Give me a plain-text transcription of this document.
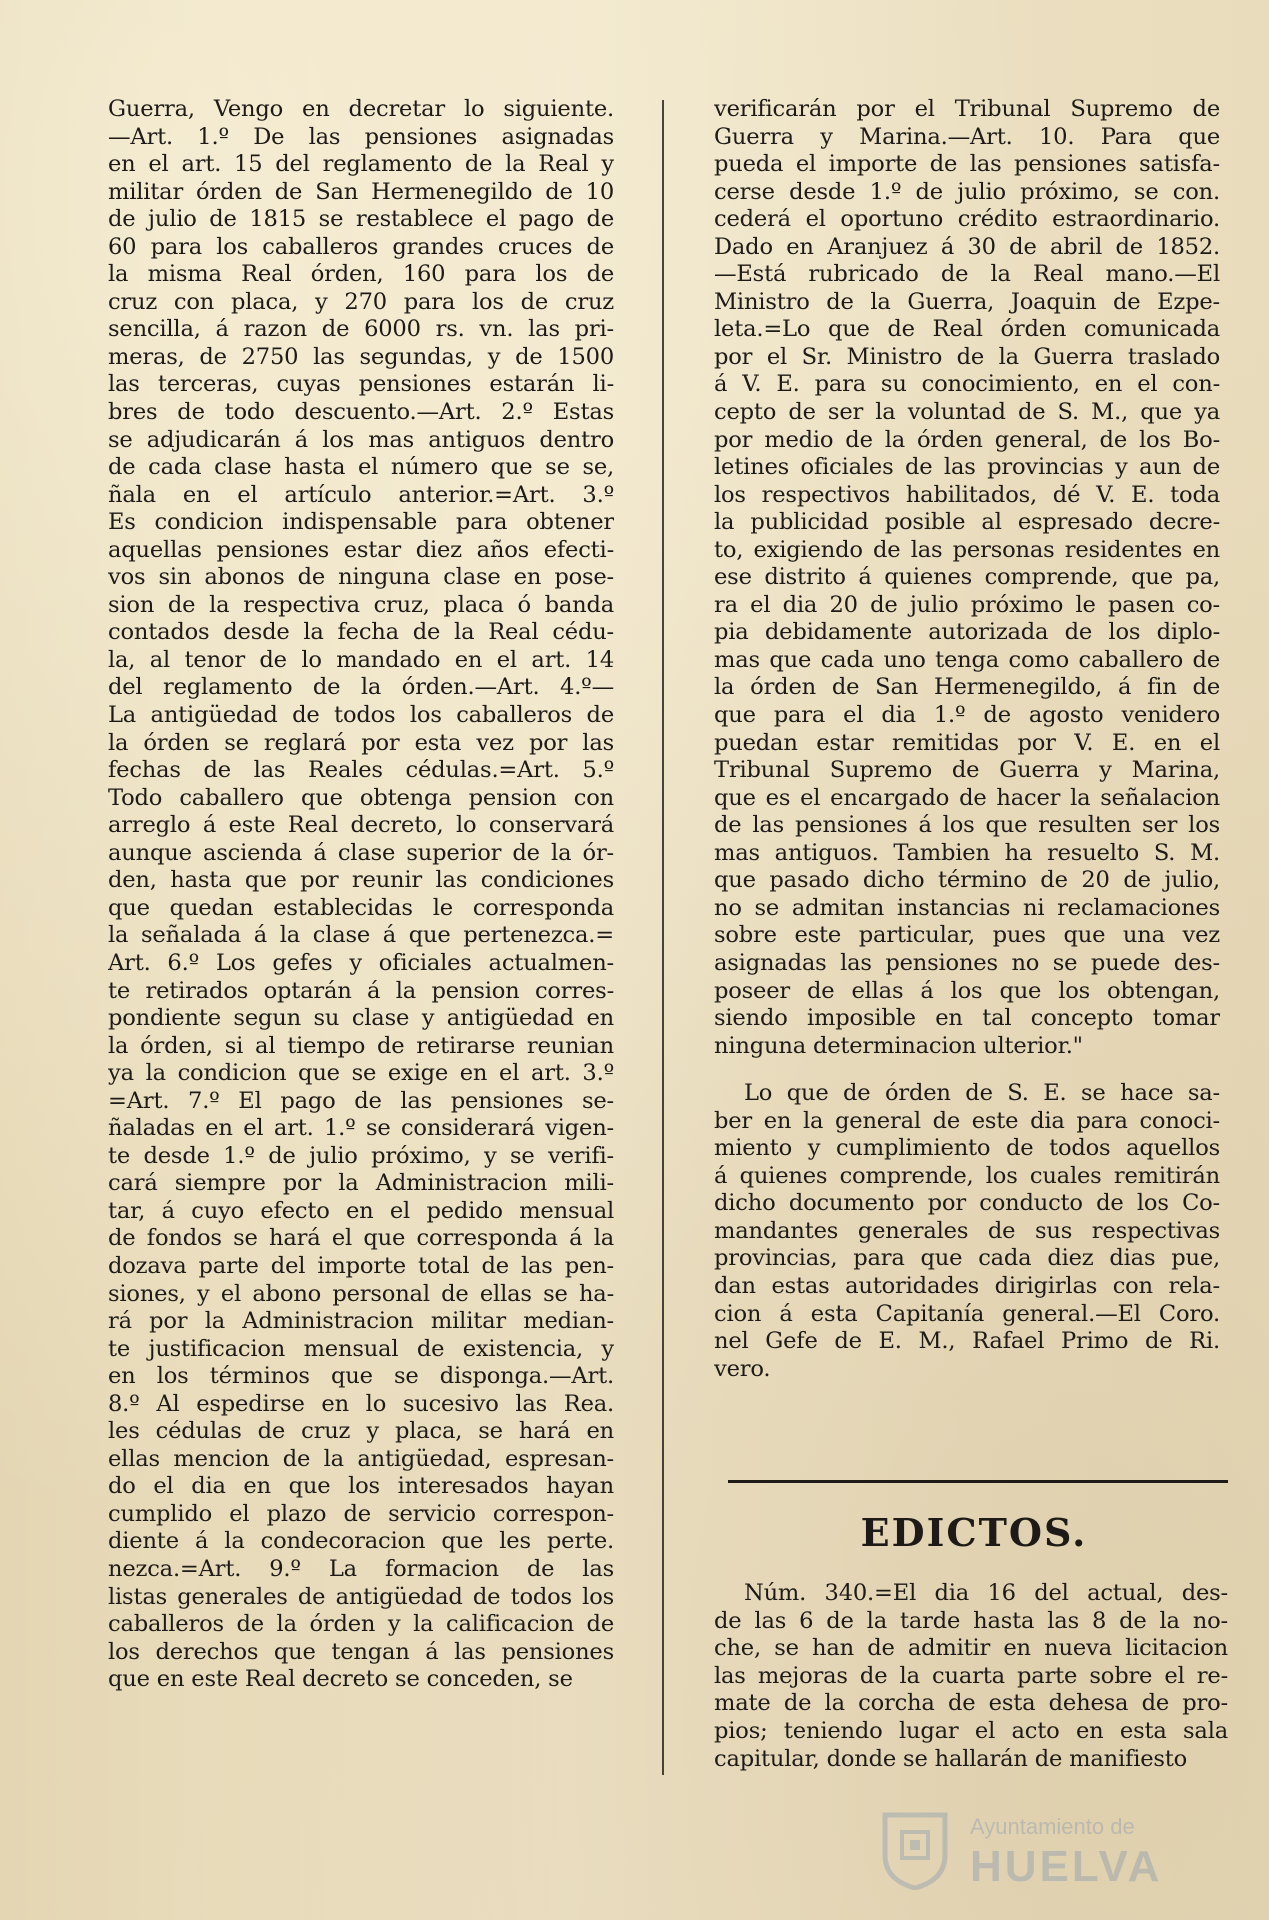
Guerra, Vengo en decretar lo siguiente.
—Art. 1.º De las pensiones asignadas
en el art. 15 del reglamento de la Real y
militar órden de San Hermenegildo de 10
de julio de 1815 se restablece el pago de
60 para los caballeros grandes cruces de
la misma Real órden, 160 para los de
cruz con placa, y 270 para los de cruz
sencilla, á razon de 6000 rs. vn. las pri-
meras, de 2750 las segundas, y de 1500
las terceras, cuyas pensiones estarán li-
bres de todo descuento.—Art. 2.º Estas
se adjudicarán á los mas antiguos dentro
de cada clase hasta el número que se se,
ñala en el artículo anterior.=Art. 3.º
Es condicion indispensable para obtener
aquellas pensiones estar diez años efecti-
vos sin abonos de ninguna clase en pose-
sion de la respectiva cruz, placa ó banda
contados desde la fecha de la Real cédu-
la, al tenor de lo mandado en el art. 14
del reglamento de la órden.—Art. 4.º—
La antigüedad de todos los caballeros de
la órden se reglará por esta vez por las
fechas de las Reales cédulas.=Art. 5.º
Todo caballero que obtenga pension con
arreglo á este Real decreto, lo conservará
aunque ascienda á clase superior de la ór-
den, hasta que por reunir las condiciones
que quedan establecidas le corresponda
la señalada á la clase á que pertenezca.=
Art. 6.º Los gefes y oficiales actualmen-
te retirados optarán á la pension corres-
pondiente segun su clase y antigüedad en
la órden, si al tiempo de retirarse reunian
ya la condicion que se exige en el art. 3.º
=Art. 7.º El pago de las pensiones se-
ñaladas en el art. 1.º se considerará vigen-
te desde 1.º de julio próximo, y se verifi-
cará siempre por la Administracion mili-
tar, á cuyo efecto en el pedido mensual
de fondos se hará el que corresponda á la
dozava parte del importe total de las pen-
siones, y el abono personal de ellas se ha-
rá por la Administracion militar median-
te justificacion mensual de existencia, y
en los términos que se disponga.—Art.
8.º Al espedirse en lo sucesivo las Rea.
les cédulas de cruz y placa, se hará en
ellas mencion de la antigüedad, espresan-
do el dia en que los interesados hayan
cumplido el plazo de servicio correspon-
diente á la condecoracion que les perte.
nezca.=Art. 9.º La formacion de las
listas generales de antigüedad de todos los
caballeros de la órden y la calificacion de
los derechos que tengan á las pensiones
que en este Real decreto se conceden, se
verificarán por el Tribunal Supremo de
Guerra y Marina.—Art. 10. Para que
pueda el importe de las pensiones satisfa-
cerse desde 1.º de julio próximo, se con.
cederá el oportuno crédito estraordinario.
Dado en Aranjuez á 30 de abril de 1852.
—Está rubricado de la Real mano.—El
Ministro de la Guerra, Joaquin de Ezpe-
leta.=Lo que de Real órden comunicada
por el Sr. Ministro de la Guerra traslado
á V. E. para su conocimiento, en el con-
cepto de ser la voluntad de S. M., que ya
por medio de la órden general, de los Bo-
letines oficiales de las provincias y aun de
los respectivos habilitados, dé V. E. toda
la publicidad posible al espresado decre-
to, exigiendo de las personas residentes en
ese distrito á quienes comprende, que pa,
ra el dia 20 de julio próximo le pasen co-
pia debidamente autorizada de los diplo-
mas que cada uno tenga como caballero de
la órden de San Hermenegildo, á fin de
que para el dia 1.º de agosto venidero
puedan estar remitidas por V. E. en el
Tribunal Supremo de Guerra y Marina,
que es el encargado de hacer la señalacion
de las pensiones á los que resulten ser los
mas antiguos. Tambien ha resuelto S. M.
que pasado dicho término de 20 de julio,
no se admitan instancias ni reclamaciones
sobre este particular, pues que una vez
asignadas las pensiones no se puede des-
poseer de ellas á los que los obtengan,
siendo imposible en tal concepto tomar
ninguna determinacion ulterior."
Lo que de órden de S. E. se hace sa-
ber en la general de este dia para conoci-
miento y cumplimiento de todos aquellos
á quienes comprende, los cuales remitirán
dicho documento por conducto de los Co-
mandantes generales de sus respectivas
provincias, para que cada diez dias pue,
dan estas autoridades dirigirlas con rela-
cion á esta Capitanía general.—El Coro.
nel Gefe de E. M., Rafael Primo de Ri.
vero.
EDICTOS.
Núm. 340.=El dia 16 del actual, des-
de las 6 de la tarde hasta las 8 de la no-
che, se han de admitir en nueva licitacion
las mejoras de la cuarta parte sobre el re-
mate de la corcha de esta dehesa de pro-
pios; teniendo lugar el acto en esta sala
capitular, donde se hallarán de manifiesto
Ayuntamiento de
HUELVA
